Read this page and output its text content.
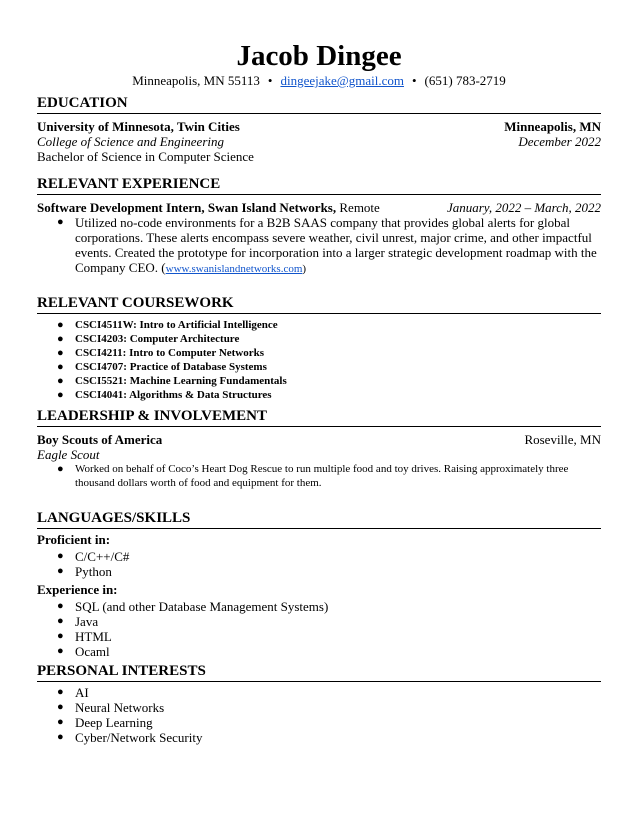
Jacob Dingee
Minneapolis, MN 55113 • dingeejake@gmail.com • (651) 783-2719
EDUCATION
University of Minnesota, Twin Cities	Minneapolis, MN
College of Science and Engineering	December 2022
Bachelor of Science in Computer Science
RELEVANT EXPERIENCE
Software Development Intern, Swan Island Networks, Remote	January, 2022 – March, 2022
● Utilized no-code environments for a B2B SAAS company that provides global alerts for global corporations. These alerts encompass severe weather, civil unrest, major crime, and other impactful events. Created the prototype for incorporation into a larger strategic development roadmap with the Company CEO. (www.swanislandnetworks.com)
RELEVANT COURSEWORK
● CSCI4511W: Intro to Artificial Intelligence
● CSCI4203: Computer Architecture
● CSCI4211: Intro to Computer Networks
● CSCI4707: Practice of Database Systems
● CSCI5521: Machine Learning Fundamentals
● CSCI4041: Algorithms & Data Structures
LEADERSHIP & INVOLVEMENT
Boy Scouts of America	Roseville, MN
Eagle Scout
● Worked on behalf of Coco’s Heart Dog Rescue to run multiple food and toy drives. Raising approximately three thousand dollars worth of food and equipment for them.
LANGUAGES/SKILLS
Proficient in:
● C/C++/C#
● Python
Experience in:
● SQL (and other Database Management Systems)
● Java
● HTML
● Ocaml
PERSONAL INTERESTS
● AI
● Neural Networks
● Deep Learning
● Cyber/Network Security
